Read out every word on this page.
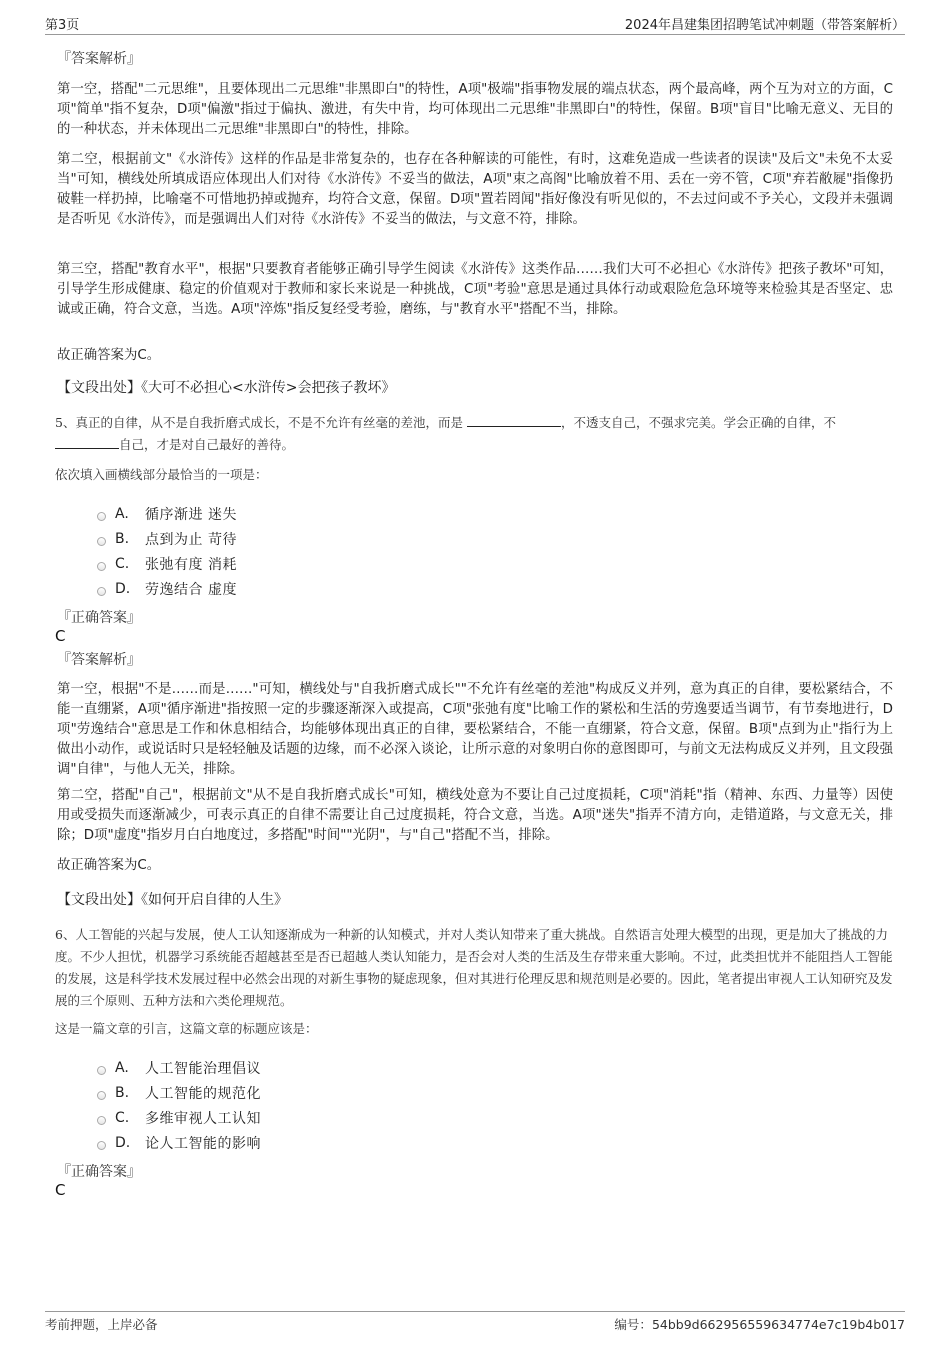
第3页	2024年昌建集团招聘笔试冲刺题（带答案解析）
『答案解析』

第一空，搭配"二元思维"，且要体现出二元思维"非黑即白"的特性，A项"极端"指事物发展的端点状态，两个最高峰，两个互为对立的方面，C项"简单"指不复杂，D项"偏激"指过于偏执、激进，有失中肯，均可体现出二元思维"非黑即白"的特性，保留。B项"盲目"比喻无意义、无目的的一种状态，并未体现出二元思维"非黑即白"的特性，排除。

第二空，根据前文"《水浒传》这样的作品是非常复杂的，也存在各种解读的可能性，有时，这难免造成一些读者的误读"及后文"未免不太妥当"可知，横线处所填成语应体现出人们对待《水浒传》不妥当的做法，A项"束之高阁"比喻放着不用、丢在一旁不管，C项"弃若敝屣"指像扔破鞋一样扔掉，比喻毫不可惜地扔掉或抛弃，均符合文意，保留。D项"置若罔闻"指好像没有听见似的，不去过问或不予关心，文段并未强调是否听见《水浒传》，而是强调出人们对待《水浒传》不妥当的做法，与文意不符，排除。

第三空，搭配"教育水平"，根据"只要教育者能够正确引导学生阅读《水浒传》这类作品……我们大可不必担心《水浒传》把孩子教坏"可知，引导学生形成健康、稳定的价值观对于教师和家长来说是一种挑战，C项"考验"意思是通过具体行动或艰险危急环境等来检验其是否坚定、忠诚或正确，符合文意，当选。A项"淬炼"指反复经受考验，磨练，与"教育水平"搭配不当，排除。

故正确答案为C。

【文段出处】《大可不必担心<水浒传>会把孩子教坏》

5、真正的自律，从不是自我折磨式成长，不是不允许有丝毫的差池，而是	，不透支自己，不强求完美。学会正确的自律，不
自己，才是对自己最好的善待。

依次填入画横线部分最恰当的一项是：

A.	循序渐进 迷失
B.	点到为止 苛待
C.	张弛有度 消耗
D.	劳逸结合 虚度
『正确答案』
C
『答案解析』

第一空，根据"不是……而是……"可知，横线处与"自我折磨式成长""不允许有丝毫的差池"构成反义并列，意为真正的自律，要松紧结合，不能一直绷紧，A项"循序渐进"指按照一定的步骤逐渐深入或提高，C项"张弛有度"比喻工作的紧松和生活的劳逸要适当调节，有节奏地进行，D项"劳逸结合"意思是工作和休息相结合，均能够体现出真正的自律，要松紧结合，不能一直绷紧，符合文意，保留。B项"点到为止"指行为上做出小动作，或说话时只是轻轻触及话题的边缘，而不必深入谈论，让所示意的对象明白你的意图即可，与前文无法构成反义并列，且文段强调"自律"，与他人无关，排除。

第二空，搭配"自己"，根据前文"从不是自我折磨式成长"可知，横线处意为不要让自己过度损耗，C项"消耗"指（精神、东西、力量等）因使用或受损失而逐渐减少，可表示真正的自律不需要让自己过度损耗，符合文意，当选。A项"迷失"指弄不清方向，走错道路，与文意无关，排除；D项"虚度"指岁月白白地度过，多搭配"时间""光阴"，与"自己"搭配不当，排除。

故正确答案为C。

【文段出处】《如何开启自律的人生》

6、人工智能的兴起与发展，使人工认知逐渐成为一种新的认知模式，并对人类认知带来了重大挑战。自然语言处理大模型的出现，更是加大了挑战的力度。不少人担忧，机器学习系统能否超越甚至是否已超越人类认知能力，是否会对人类的生活及生存带来重大影响。不过，此类担忧并不能阻挡人工智能的发展，这是科学技术发展过程中必然会出现的对新生事物的疑虑现象，但对其进行伦理反思和规范则是必要的。因此，笔者提出审视人工认知研究及发展的三个原则、五种方法和六类伦理规范。

这是一篇文章的引言，这篇文章的标题应该是：

A.	人工智能治理倡议
B.	人工智能的规范化
C.	多维审视人工认知
D.	论人工智能的影响
『正确答案』
C
考前押题，上岸必备	编号：54bb9d662956559634774e7c19b4b017
